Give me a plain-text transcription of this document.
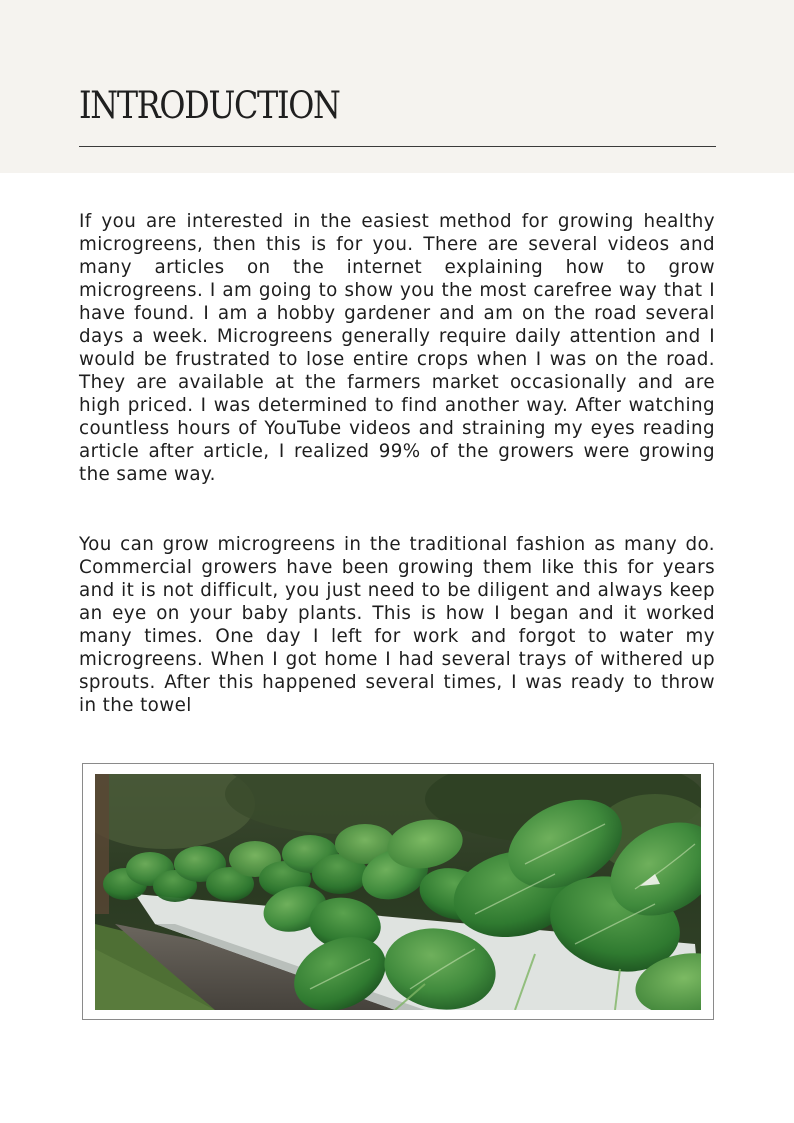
INTRODUCTION

If you are interested in the easiest method for growing healthy microgreens, then this is for you. There are several videos and many articles on the internet explaining how to grow microgreens. I am going to show you the most carefree way that I have found. I am a hobby gardener and am on the road several days a week. Microgreens generally require daily attention and I would be frustrated to lose entire crops when I was on the road. They are available at the farmers market occasionally and are high priced. I was determined to find another way. After watching countless hours of YouTube videos and straining my eyes reading article after article, I realized 99% of the growers were growing the same way.

You can grow microgreens in the traditional fashion as many do. Commercial growers have been growing them like this for years and it is not difficult, you just need to be diligent and always keep an eye on your baby plants. This is how I began and it worked many times. One day I left for work and forgot to water my microgreens. When I got home I had several trays of withered up sprouts. After this happened several times, I was ready to throw in the towel
